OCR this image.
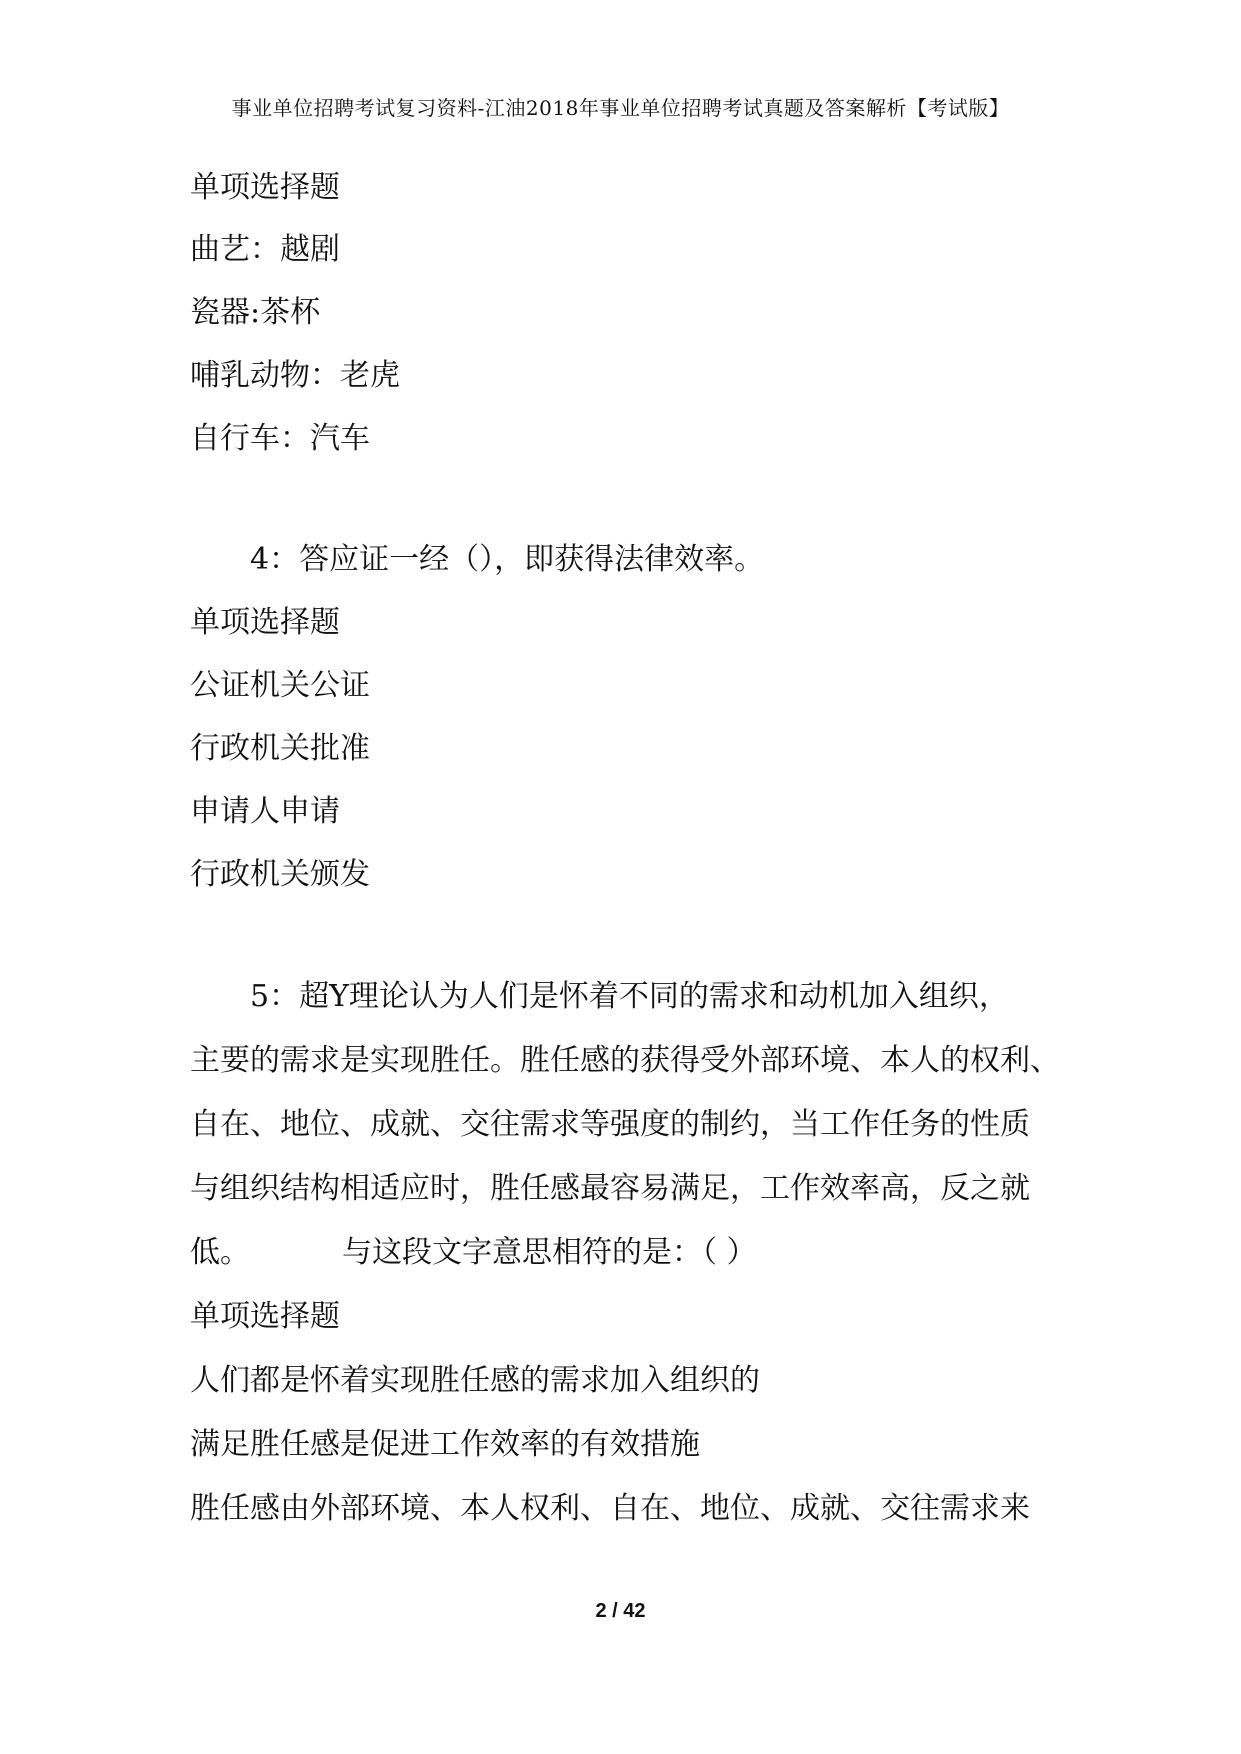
事业单位招聘考试复习资料-江油2018年事业单位招聘考试真题及答案解析【考试版】
单项选择题
曲艺：越剧
瓷器:茶杯
哺乳动物：老虎
自行车：汽车
4：答应证一经（），即获得法律效率。
单项选择题
公证机关公证
行政机关批准
申请人申请
行政机关颁发
5：超Y理论认为人们是怀着不同的需求和动机加入组织，
主要的需求是实现胜任。胜任感的获得受外部环境、本人的权利、
自在、地位、成就、交往需求等强度的制约，当工作任务的性质
与组织结构相适应时，胜任感最容易满足，工作效率高，反之就
低。	与这段文字意思相符的是：（ ）
单项选择题
人们都是怀着实现胜任感的需求加入组织的
满足胜任感是促进工作效率的有效措施
胜任感由外部环境、本人权利、自在、地位、成就、交往需求来
2 / 42
